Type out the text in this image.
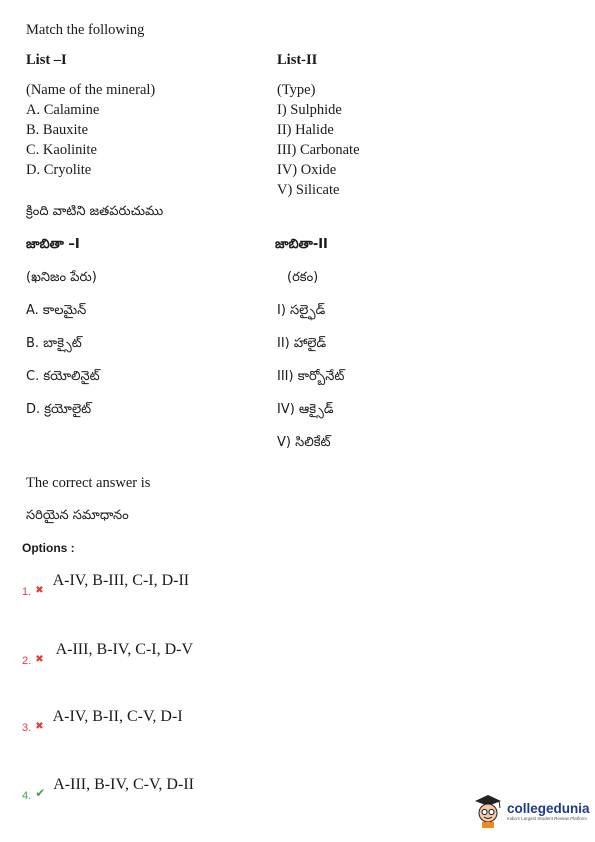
Match the following
List –I	List-II
(Name of the mineral)
A. Calamine
B. Bauxite
C. Kaolinite
D. Cryolite
(Type)
I) Sulphide
II) Halide
III) Carbonate
IV) Oxide
V) Silicate
క్రింది వాటిని జతపరుచుము
జాబితా –I	జాబితా-II
(ఖనిజం పేరు)
A. కాలమైన్
B. బాక్సైట్
C. కయోలినైట్
D. క్రయోలైట్
(రకం)
I) సల్ఫైడ్
II) హాలైడ్
III) కార్బోనేట్
IV) ఆక్సైడ్
V) సిలికేట్
The correct answer is
సరియైన సమాధానం
Options :
$_{1.}$ $_✖$ A-IV, B-III, C-I, D-II
$_{2.}$ $_✖$ A-III, B-IV, C-I, D-V
$_{3.}$ $_✖$ A-IV, B-II, C-V, D-I
$_{4.}$ $_✔$ A-III, B-IV, C-V, D-II
collegedunia
India's Largest Student Review Platform
